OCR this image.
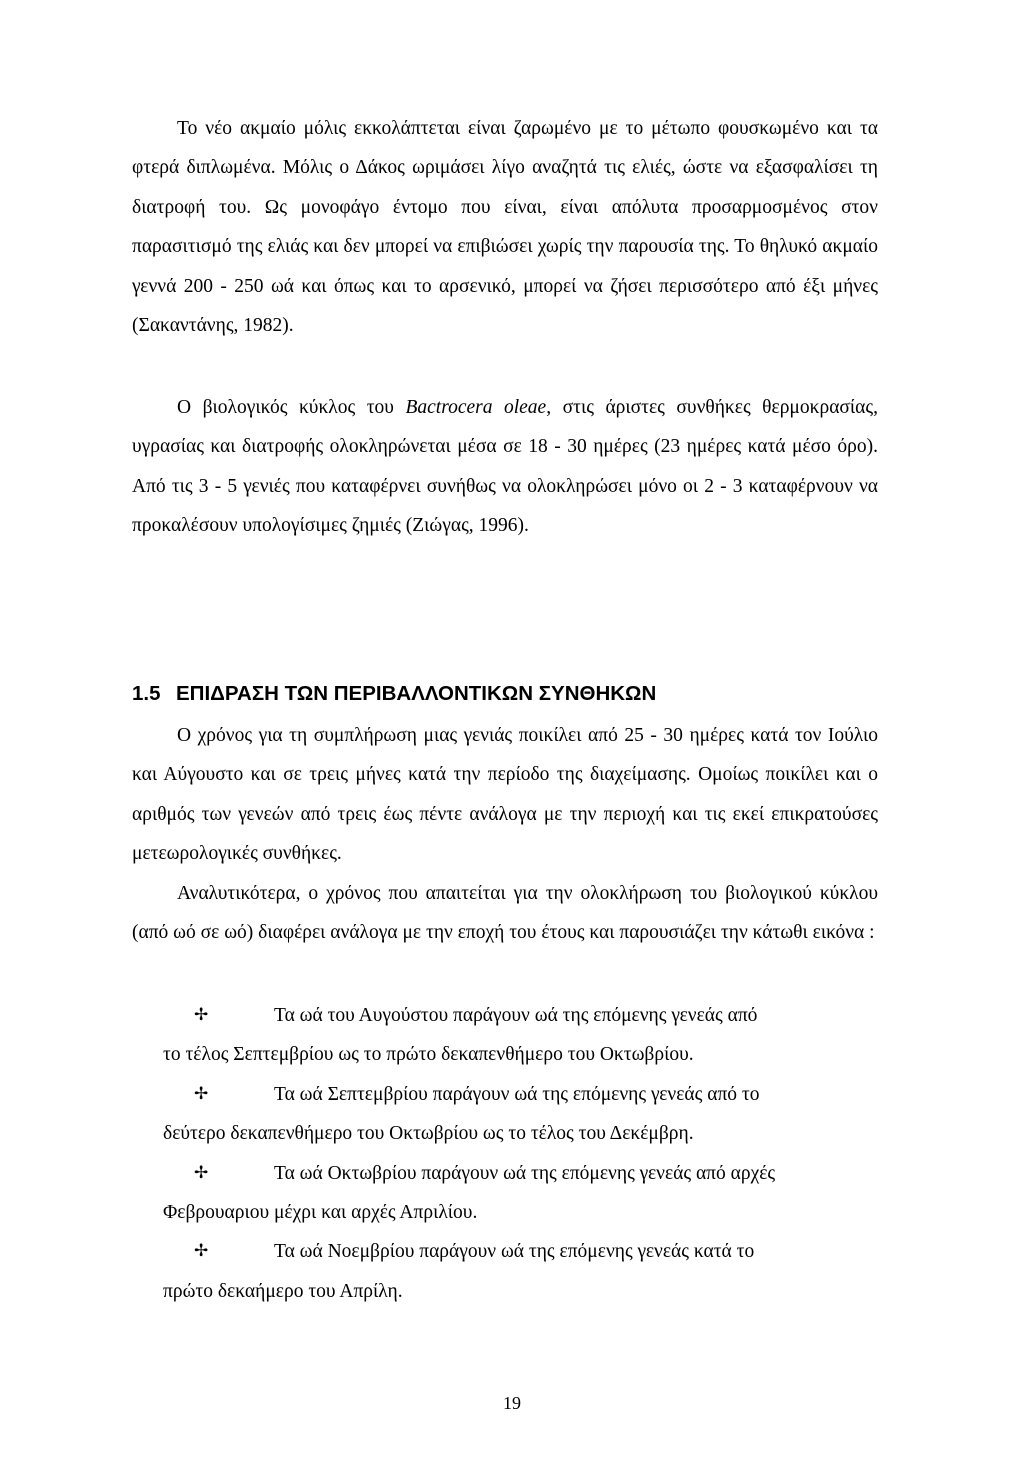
Το νέο ακμαίο μόλις εκκολάπτεται είναι ζαρωμένο με το μέτωπο φουσκωμένο και τα φτερά διπλωμένα. Μόλις ο Δάκος ωριμάσει λίγο αναζητά τις ελιές, ώστε να εξασφαλίσει τη διατροφή του. Ως μονοφάγο έντομο που είναι, είναι απόλυτα προσαρμοσμένος στον παρασιτισμό της ελιάς και δεν μπορεί να επιβιώσει χωρίς την παρουσία της. Το θηλυκό ακμαίο γεννά 200 - 250 ωά και όπως και το αρσενικό, μπορεί να ζήσει περισσότερο από έξι μήνες (Σακαντάνης, 1982).

Ο βιολογικός κύκλος του Bactrocera oleae, στις άριστες συνθήκες θερμοκρασίας, υγρασίας και διατροφής ολοκληρώνεται μέσα σε 18 - 30 ημέρες (23 ημέρες κατά μέσο όρο). Από τις 3 - 5 γενιές που καταφέρνει συνήθως να ολοκληρώσει μόνο οι 2 - 3 καταφέρνουν να προκαλέσουν υπολογίσιμες ζημιές (Ζιώγας, 1996).

1.5 ΕΠΙΔΡΑΣΗ ΤΩΝ ΠΕΡΙΒΑΛΛΟΝΤΙΚΩΝ ΣΥΝΘΗΚΩΝ

Ο χρόνος για τη συμπλήρωση μιας γενιάς ποικίλει από 25 - 30 ημέρες κατά τον Ιούλιο και Αύγουστο και σε τρεις μήνες κατά την περίοδο της διαχείμασης. Ομοίως ποικίλει και ο αριθμός των γενεών από τρεις έως πέντε ανάλογα με την περιοχή και τις εκεί επικρατούσες μετεωρολογικές συνθήκες.

Αναλυτικότερα, ο χρόνος που απαιτείται για την ολοκλήρωση του βιολογικού κύκλου (από ωό σε ωό) διαφέρει ανάλογα με την εποχή του έτους και παρουσιάζει την κάτωθι εικόνα :

✢	Τα ωά του Αυγούστου παράγουν ωά της επόμενης γενεάς από
το τέλος Σεπτεμβρίου ως το πρώτο δεκαπενθήμερο του Οκτωβρίου.

✢	Τα ωά Σεπτεμβρίου παράγουν ωά της επόμενης γενεάς από το
δεύτερο δεκαπενθήμερο του Οκτωβρίου ως το τέλος του Δεκέμβρη.

✢	Τα ωά Οκτωβρίου παράγουν ωά της επόμενης γενεάς από αρχές
Φεβρουαριου μέχρι και αρχές Απριλίου.

✢	Τα ωά Νοεμβρίου παράγουν ωά της επόμενης γενεάς κατά το
πρώτο δεκαήμερο του Απρίλη.

19
